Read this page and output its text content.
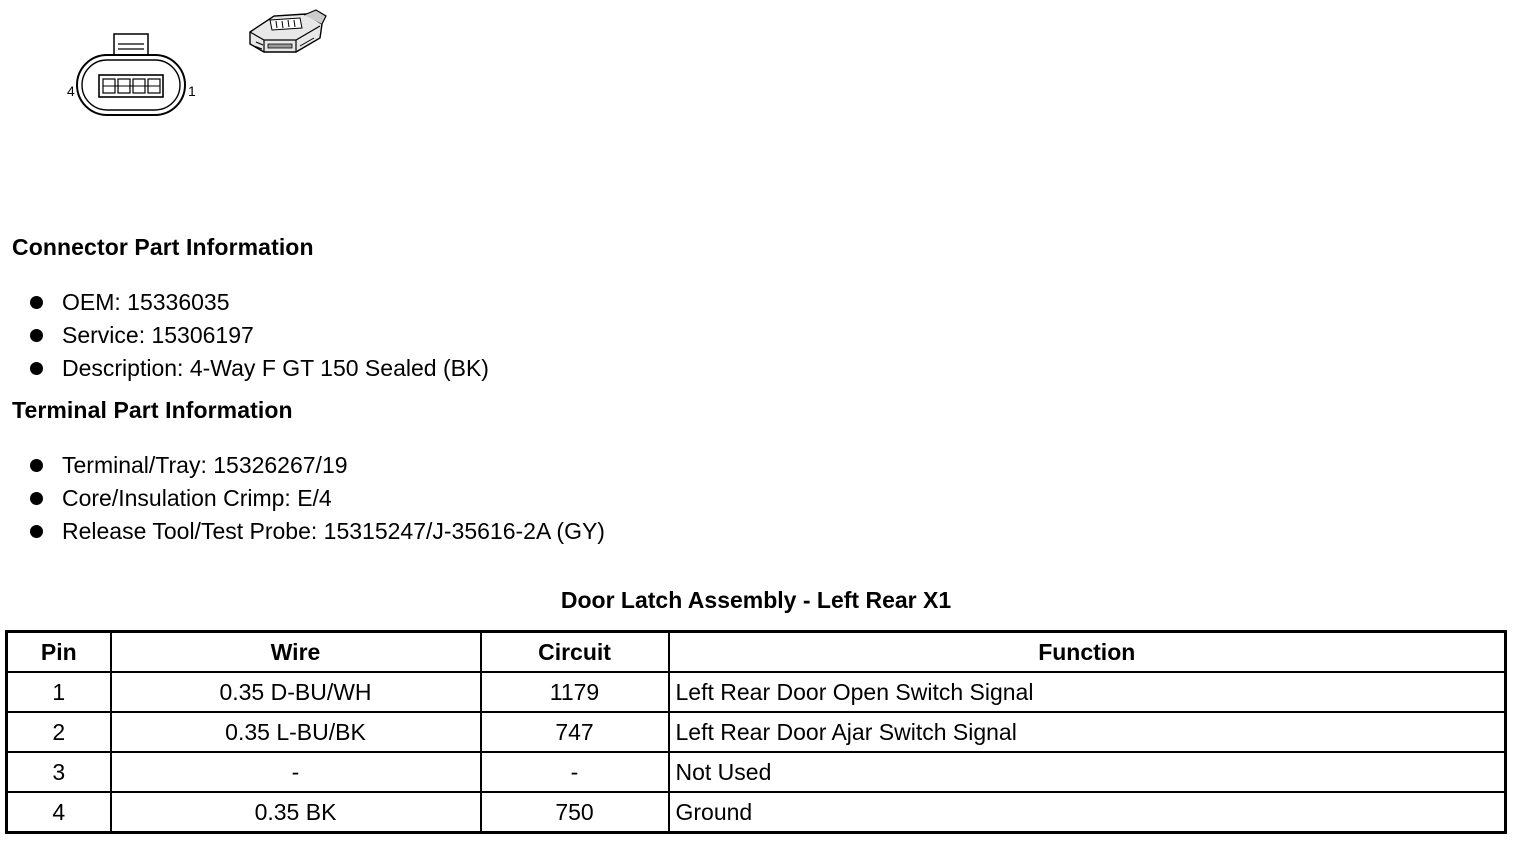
4	1
Connector Part Information
OEM: 15336035
Service: 15306197
Description: 4-Way F GT 150 Sealed (BK)
Terminal Part Information
Terminal/Tray: 15326267/19
Core/Insulation Crimp: E/4
Release Tool/Test Probe: 15315247/J-35616-2A (GY)
Door Latch Assembly - Left Rear X1
Pin	Wire	Circuit	Function
1	0.35 D-BU/WH	1179	Left Rear Door Open Switch Signal
2	0.35 L-BU/BK	747	Left Rear Door Ajar Switch Signal
3	-	-	Not Used
4	0.35 BK	750	Ground
